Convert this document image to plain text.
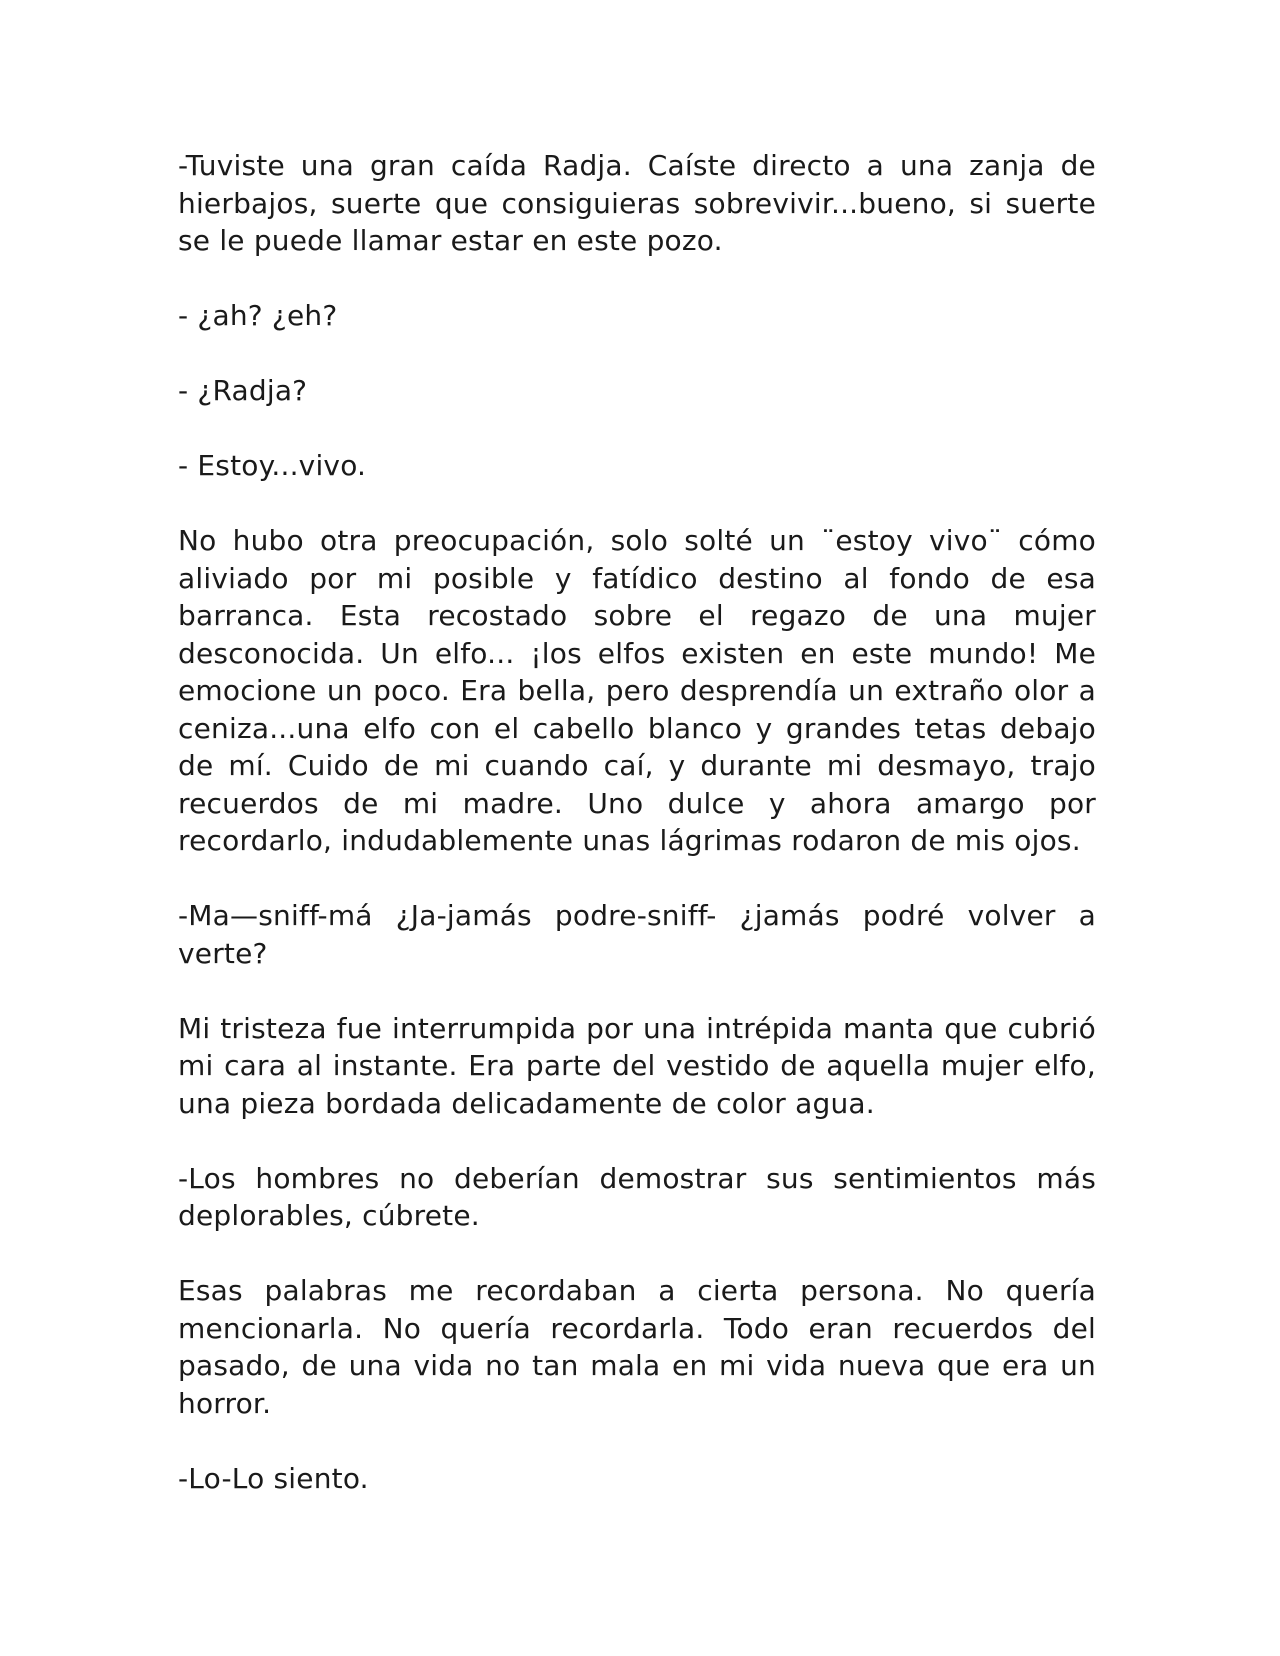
-Tuviste una gran caída Radja. Caíste directo a una zanja de hierbajos, suerte que consiguieras sobrevivir...bueno, si suerte se le puede llamar estar en este pozo.

- ¿ah? ¿eh?

- ¿Radja?

- Estoy...vivo.

No hubo otra preocupación, solo solté un ¨estoy vivo¨ cómo aliviado por mi posible y fatídico destino al fondo de esa barranca. Esta recostado sobre el regazo de una mujer desconocida. Un elfo... ¡los elfos existen en este mundo! Me emocione un poco. Era bella, pero desprendía un extraño olor a ceniza...una elfo con el cabello blanco y grandes tetas debajo de mí. Cuido de mi cuando caí, y durante mi desmayo, trajo recuerdos de mi madre. Uno dulce y ahora amargo por recordarlo, indudablemente unas lágrimas rodaron de mis ojos.

-Ma—sniff-má ¿Ja-jamás podre-sniff- ¿jamás podré volver a verte?

Mi tristeza fue interrumpida por una intrépida manta que cubrió mi cara al instante. Era parte del vestido de aquella mujer elfo, una pieza bordada delicadamente de color agua.

-Los hombres no deberían demostrar sus sentimientos más deplorables, cúbrete.

Esas palabras me recordaban a cierta persona. No quería mencionarla. No quería recordarla. Todo eran recuerdos del pasado, de una vida no tan mala en mi vida nueva que era un horror.

-Lo-Lo siento.
